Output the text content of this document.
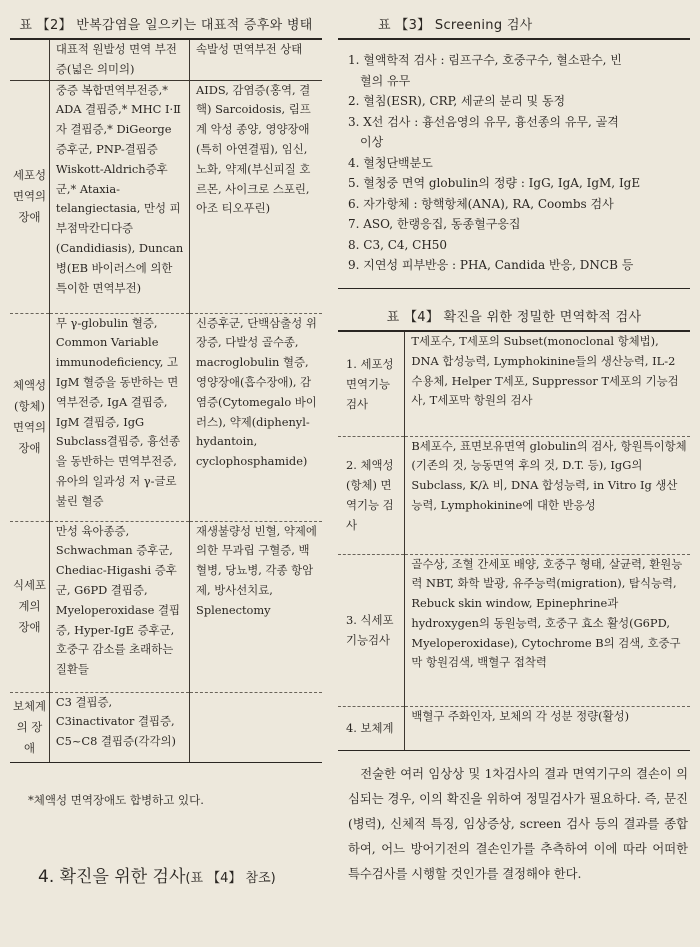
표 【2】 반복감염을 일으키는 대표적 증후와 병태
	대표적 원발성 면역 부전증(넓은 의미의)	속발성 면역부전 상태
세포성 면역의 장애	중증 복합면역부전증,* ADA 결핍증,* MHC Ⅰ·Ⅱ자 결핍증,* DiGeorge 증후군, PNP-결핍증 Wiskott-Aldrich증후군,* Ataxia-telangiectasia, 만성 피부점막칸디다증(Candidiasis), Duncan병(EB 바이러스에 의한 특이한 면역부전)	AIDS, 감염증(홍역, 결핵) Sarcoidosis, 림프계 악성 종양, 영양장애(특히 아연결핍), 임신, 노화, 약제(부신피질 호르몬, 사이크로 스포린, 아조 티오푸린)
체액성 (항체) 면역의 장애	무 γ-globulin 혈증, Common Variable immunodeficiency, 고 IgM 혈증을 동반하는 면역부전증, IgA 결핍증, IgM 결핍증, IgG Subclass결핍증, 흉선종을 동반하는 면역부전증, 유아의 일과성 저 γ-글로불린 혈증	신증후군, 단백삼출성 위장증, 다발성 골수종, macroglobulin 혈증, 영양장애(흡수장애), 감염증(Cytomegalo 바이러스), 약제(diphenyl-hydantoin, cyclophosphamide)
식세포 계의 장애	만성 육아종증, Schwachman 증후군, Chediac-Higashi 증후군, G6PD 결핍증, Myeloperoxidase 결핍증, Hyper-IgE 증후군, 호중구 감소를 초래하는 질환들	재생불량성 빈혈, 약제에 의한 무과립 구혈증, 백혈병, 당뇨병, 각종 항암제, 방사선치료, Splenectomy
보체계 의 장애	C3 결핍증, C3inactivator 결핍증, C5~C8 결핍증(각각의)	
*체액성 면역장애도 합병하고 있다.
4. 확진을 위한 검사(표 【4】 참조)
표 【3】 Screening 검사
1. 혈액학적 검사 : 림프구수, 호중구수, 혈소판수, 빈
혈의 유무
2. 혈침(ESR), CRP, 세균의 분리 및 동정
3. X선 검사 : 흉선음영의 유무, 흉선종의 유무, 골격
이상
4. 혈청단백분도
5. 혈청중 면역 globulin의 정량 : IgG, IgA, IgM, IgE
6. 자가항체 : 항핵항체(ANA), RA, Coombs 검사
7. ASO, 한랭응집, 동종혈구응집
8. C3, C4, CH50
9. 지연성 피부반응 : PHA, Candida 반응, DNCB 등
표 【4】 확진을 위한 정밀한 면역학적 검사
1. 세포성 면역기능 검사	T세포수, T세포의 Subset(monoclonal 항체법), DNA 합성능력, Lymphokinine들의 생산능력, IL-2 수용체, Helper T세포, Suppressor T세포의 기능검사, T세포막 항원의 검사
2. 체액성 (항체) 면역기능 검사	B세포수, 표면보유면역 globulin의 검사, 항원특이항체(기존의 것, 능동면역 후의 것, D.T. 등), IgG의 Subclass, K/λ 비, DNA 합성능력, in Vitro Ig 생산능력, Lymphokinine에 대한 반응성
3. 식세포 기능검사	골수상, 조혈 간세포 배양, 호중구 형태, 살균력, 환원능력 NBT, 화학 발광, 유주능력(migration), 탐식능력, Rebuck skin window, Epinephrine과 hydroxygen의 동원능력, 호중구 효소 활성(G6PD, Myeloperoxidase), Cytochrome B의 검색, 호중구막 항원검색, 백혈구 접착력
4. 보체계	백혈구 주화인자, 보체의 각 성분 정량(활성)

전술한 여러 임상상 및 1차검사의 결과 면역기구의 결손이 의심되는 경우, 이의 확진을 위하여 정밀검사가 필요하다. 즉, 문진(병력), 신체적 특징, 임상증상, screen 검사 등의 결과를 종합하여, 어느 방어기전의 결손인가를 추측하여 이에 따라 어떠한 특수검사를 시행할 것인가를 결정해야 한다.
